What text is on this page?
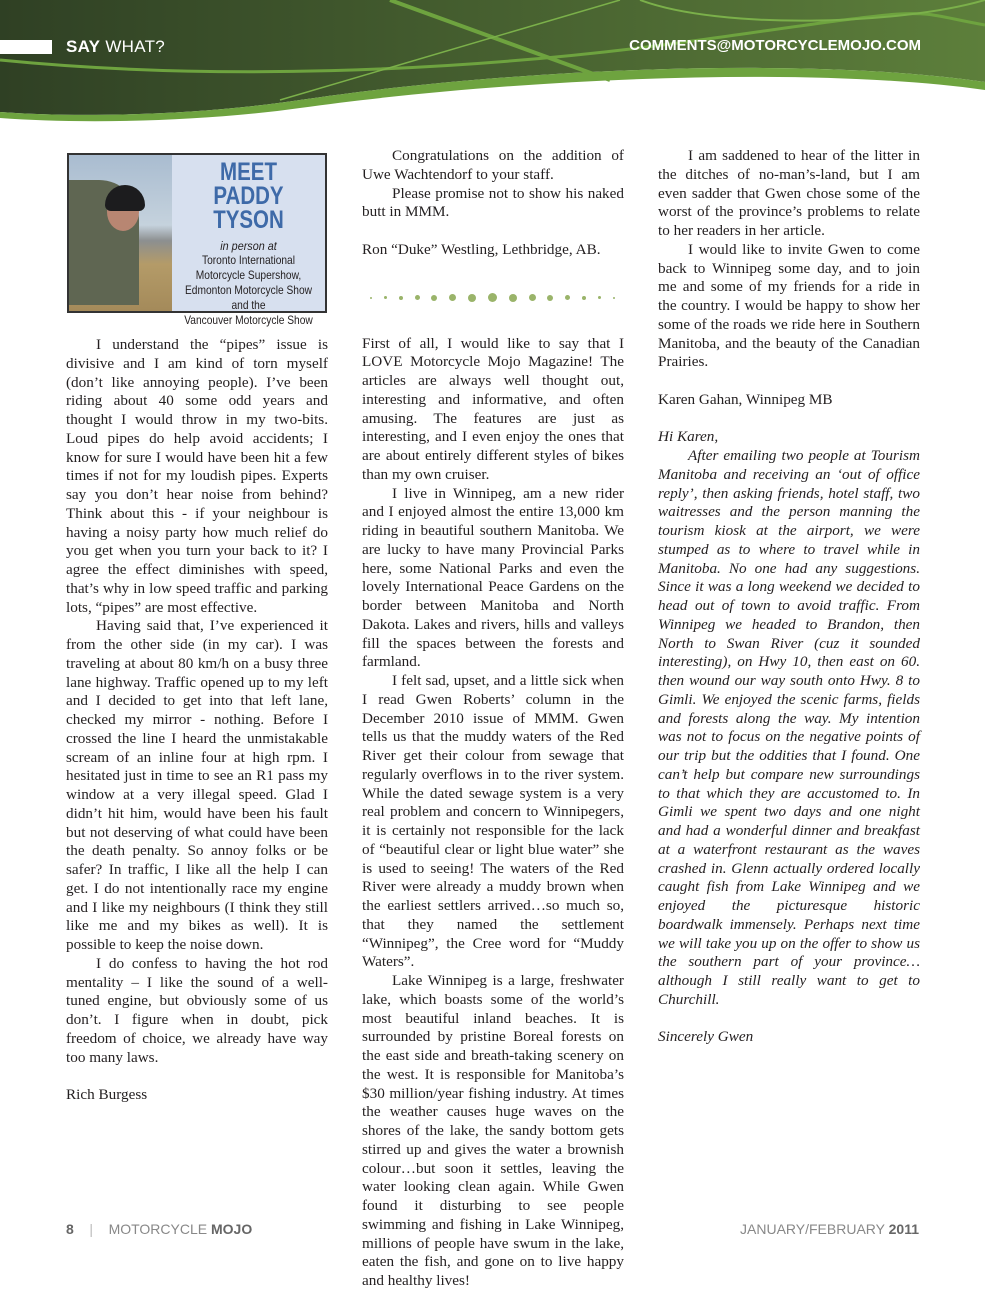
SAY WHAT?	COMMENTS@MOTORCYCLEMOJO.COM
MEET
PADDY TYSON
in person at
Toronto International
Motorcycle Supershow,
Edmonton Motorcycle Show
and the
Vancouver Motorcycle Show

I understand the “pipes” issue is divisive and I am kind of torn myself (don’t like annoying people). I’ve been riding about 40 some odd years and thought I would throw in my two-bits. Loud pipes do help avoid accidents; I know for sure I would have been hit a few times if not for my loudish pipes. Experts say you don’t hear noise from behind? Think about this - if your neighbour is having a noisy party how much relief do you get when you turn your back to it? I agree the effect diminishes with speed, that’s why in low speed traffic and parking lots, “pipes” are most effective.

Having said that, I’ve experienced it from the other side (in my car). I was traveling at about 80 km/h on a busy three lane highway. Traffic opened up to my left and I decided to get into that left lane, checked my mirror - nothing. Before I crossed the line I heard the unmistakable scream of an inline four at high rpm. I hesitated just in time to see an R1 pass my window at a very illegal speed. Glad I didn’t hit him, would have been his fault but not deserving of what could have been the death penalty. So annoy folks or be safer? In traffic, I like all the help I can get. I do not intentionally race my engine and I like my neighbours (I think they still like me and my bikes as well). It is possible to keep the noise down.

I do confess to having the hot rod mentality – I like the sound of a well-tuned engine, but obviously some of us don’t. I figure when in doubt, pick freedom of choice, we already have way too many laws.

Rich Burgess

Congratulations on the addition of Uwe Wachtendorf to your staff.

Please promise not to show his naked butt in MMM.

Ron “Duke” Westling, Lethbridge, AB.

First of all, I would like to say that I LOVE Motorcycle Mojo Magazine! The articles are always well thought out, interesting and informative, and often amusing. The features are just as interesting, and I even enjoy the ones that are about entirely different styles of bikes than my own cruiser.

I live in Winnipeg, am a new rider and I enjoyed almost the entire 13,000 km riding in beautiful southern Manitoba. We are lucky to have many Provincial Parks here, some National Parks and even the lovely International Peace Gardens on the border between Manitoba and North Dakota. Lakes and rivers, hills and valleys fill the spaces between the forests and farmland.

I felt sad, upset, and a little sick when I read Gwen Roberts’ column in the December 2010 issue of MMM. Gwen tells us that the muddy waters of the Red River get their colour from sewage that regularly overflows in to the river system. While the dated sewage system is a very real problem and concern to Winnipegers, it is certainly not responsible for the lack of “beautiful clear or light blue water” she is used to seeing! The waters of the Red River were already a muddy brown when the earliest settlers arrived…so much so, that they named the settlement “Winnipeg”, the Cree word for “Muddy Waters”.

Lake Winnipeg is a large, freshwater lake, which boasts some of the world’s most beautiful inland beaches. It is surrounded by pristine Boreal forests on the east side and breath-taking scenery on the west. It is responsible for Manitoba’s $30 million/year fishing industry. At times the weather causes huge waves on the shores of the lake, the sandy bottom gets stirred up and gives the water a brownish colour…but soon it settles, leaving the water looking clean again. While Gwen found it disturbing to see people swimming and fishing in Lake Winnipeg, millions of people have swum in the lake, eaten the fish, and gone on to live happy and healthy lives!

I am saddened to hear of the litter in the ditches of no-man’s-land, but I am even sadder that Gwen chose some of the worst of the province’s problems to relate to her readers in her article.

I would like to invite Gwen to come back to Winnipeg some day, and to join me and some of my friends for a ride in the country. I would be happy to show her some of the roads we ride here in Southern Manitoba, and the beauty of the Canadian Prairies.

Karen Gahan, Winnipeg MB

Hi Karen,

After emailing two people at Tourism Manitoba and receiving an ‘out of office reply’, then asking friends, hotel staff, two waitresses and the person manning the tourism kiosk at the airport, we were stumped as to where to travel while in Manitoba. No one had any suggestions. Since it was a long weekend we decided to head out of town to avoid traffic. From Winnipeg we headed to Brandon, then North to Swan River (cuz it sounded interesting), on Hwy 10, then east on 60. then wound our way south onto Hwy. 8 to Gimli. We enjoyed the scenic farms, fields and forests along the way. My intention was not to focus on the negative points of our trip but the oddities that I found. One can’t help but compare new surroundings to that which they are accustomed to. In Gimli we spent two days and one night and had a wonderful dinner and breakfast at a waterfront restaurant as the waves crashed in. Glenn actually ordered locally caught fish from Lake Winnipeg and we enjoyed the picturesque historic boardwalk immensely. Perhaps next time we will take you up on the offer to show us the southern part of your province…although I still really want to get to Churchill.

Sincerely Gwen

8 | MOTORCYCLE MOJO	JANUARY/FEBRUARY 2011
